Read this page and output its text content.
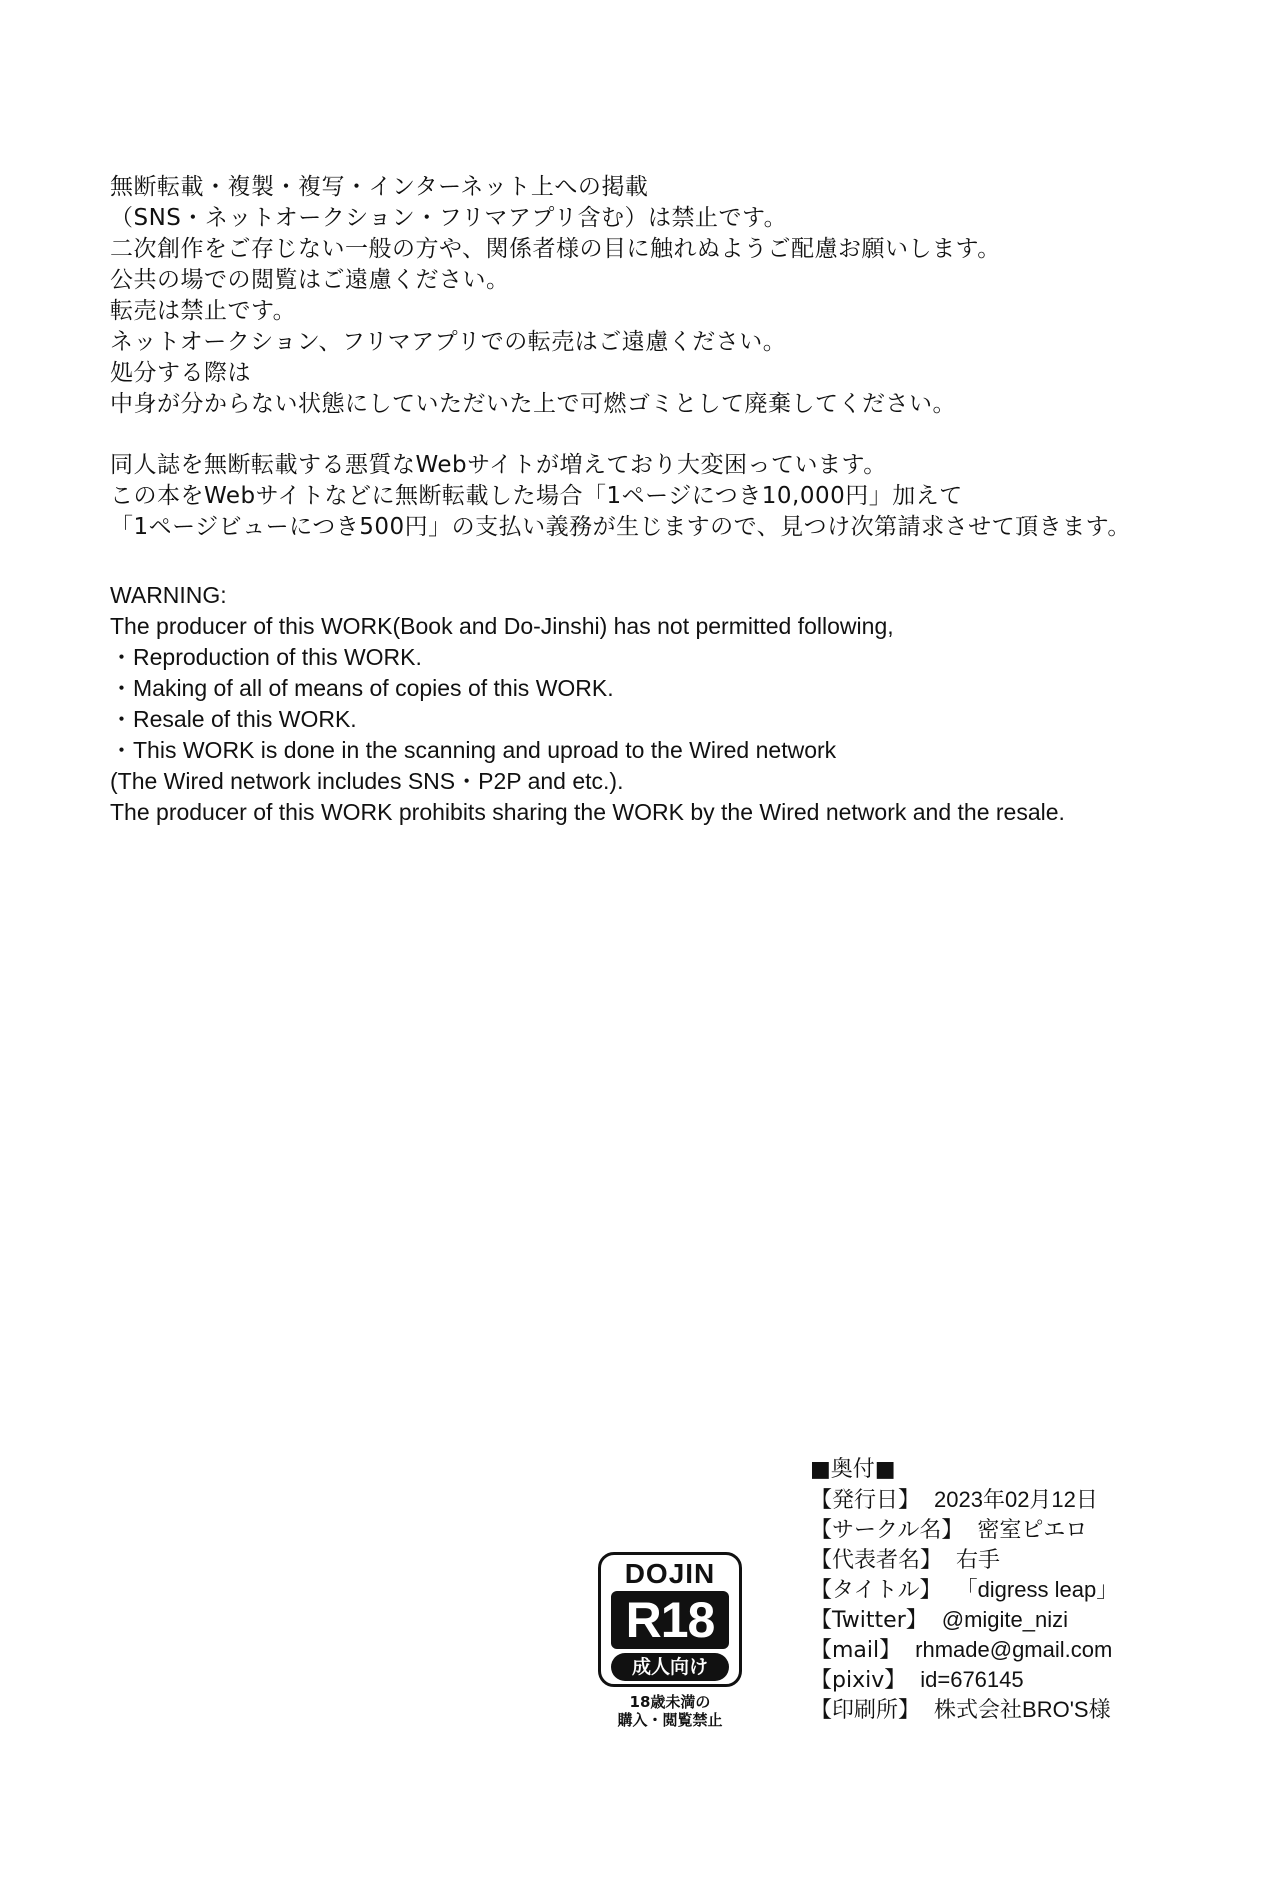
無断転載・複製・複写・インターネット上への掲載
（SNS・ネットオークション・フリマアプリ含む）は禁止です。
二次創作をご存じない一般の方や、関係者様の目に触れぬようご配慮お願いします。
公共の場での閲覧はご遠慮ください。
転売は禁止です。
ネットオークション、フリマアプリでの転売はご遠慮ください。
処分する際は
中身が分からない状態にしていただいた上で可燃ゴミとして廃棄してください。
同人誌を無断転載する悪質なWebサイトが増えており大変困っています。
この本をWebサイトなどに無断転載した場合「1ページにつき10,000円」加えて
「1ページビューにつき500円」の支払い義務が生じますので、見つけ次第請求させて頂きます。
WARNING:
The producer of this WORK(Book and Do-Jinshi) has not permitted following,
・Reproduction of this WORK.
・Making of all of means of copies of this WORK.
・Resale of this WORK.
・This WORK is done in the scanning and uproad to the Wired network
(The Wired network includes SNS・P2P and etc.).
The producer of this WORK prohibits sharing the WORK by the Wired network and the resale.
DOJIN
R18
成人向け
18歳未満の
購入・閲覧禁止
■奥付■
【発行日】 2023年02月12日
【サークル名】 密室ピエロ
【代表者名】 右手
【タイトル】 「digress leap」
【Twitter】 @migite_nizi
【mail】 rhmade@gmail.com
【pixiv】 id=676145
【印刷所】 株式会社BRO'S様
